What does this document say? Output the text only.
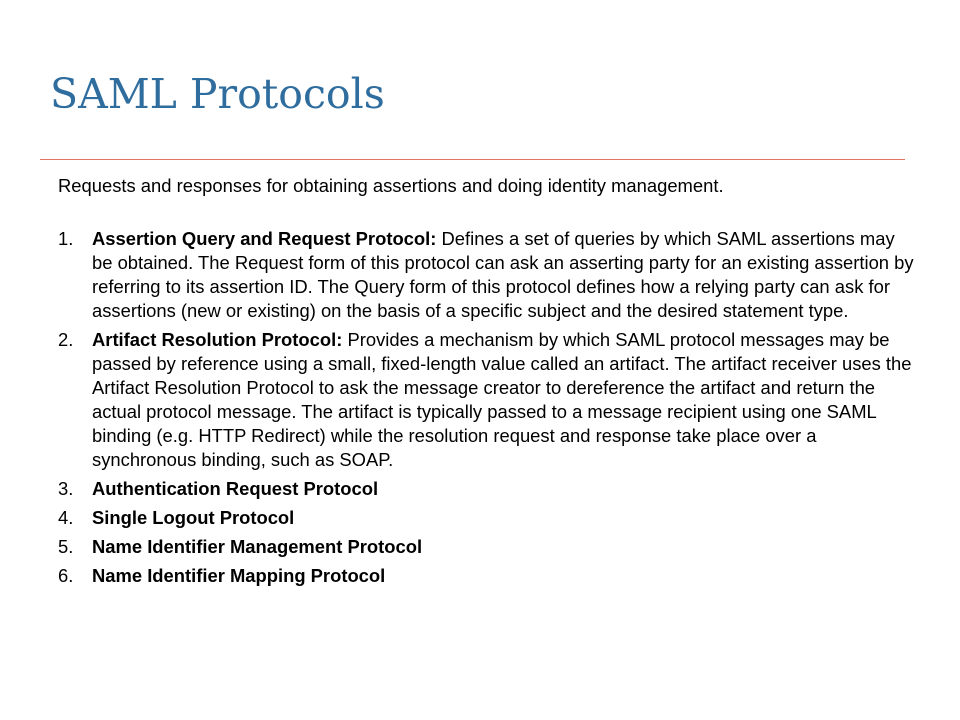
SAML Protocols

Requests and responses for obtaining assertions and doing identity management.

1. Assertion Query and Request Protocol: Defines a set of queries by which SAML assertions may be obtained. The Request form of this protocol can ask an asserting party for an existing assertion by referring to its assertion ID. The Query form of this protocol defines how a relying party can ask for assertions (new or existing) on the basis of a specific subject and the desired statement type.
2. Artifact Resolution Protocol: Provides a mechanism by which SAML protocol messages may be passed by reference using a small, fixed-length value called an artifact. The artifact receiver uses the Artifact Resolution Protocol to ask the message creator to dereference the artifact and return the actual protocol message. The artifact is typically passed to a message recipient using one SAML binding (e.g. HTTP Redirect) while the resolution request and response take place over a synchronous binding, such as SOAP.
3. Authentication Request Protocol
4. Single Logout Protocol
5. Name Identifier Management Protocol
6. Name Identifier Mapping Protocol
